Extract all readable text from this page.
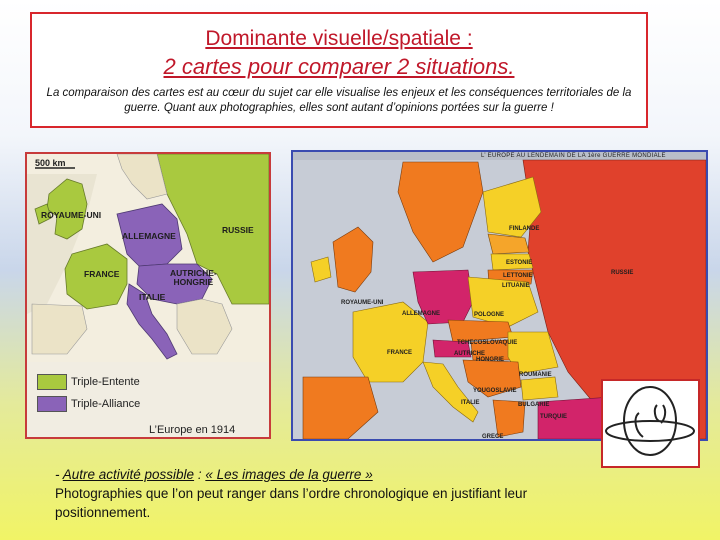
Dominante visuelle/spatiale :
2 cartes pour comparer 2 situations.
La comparaison des cartes est au cœur du sujet car elle visualise les enjeux et les conséquences territoriales de la guerre. Quant aux photographies, elles sont autant d’opinions portées sur la guerre !
500 km
ROYAUME-UNI
ALLEMAGNE
RUSSIE
FRANCE	AUTRICHE-
HONGRIE
ITALIE
Triple-Entente
Triple-Alliance
L’Europe en 1914
L’ EUROPE AU LENDEMAIN DE LA 1ère GUERRE MONDIALE
FINLANDE
ESTONIE
LETTONIE
LITUANIE
RUSSIE
ROYAUME-UNI
ALLEMAGNE	POLOGNE
TCHECOSLOVAQUIE
AUTRICHE
HONGRIE
FRANCE
ROUMANIE
YOUGOSLAVIE
ITALIE	BULGARIE
TURQUIE
GRECE
- Autre activité possible : « Les images de la guerre »
Photographies que l’on peut ranger dans l’ordre chronologique en justifiant leur positionnement.
